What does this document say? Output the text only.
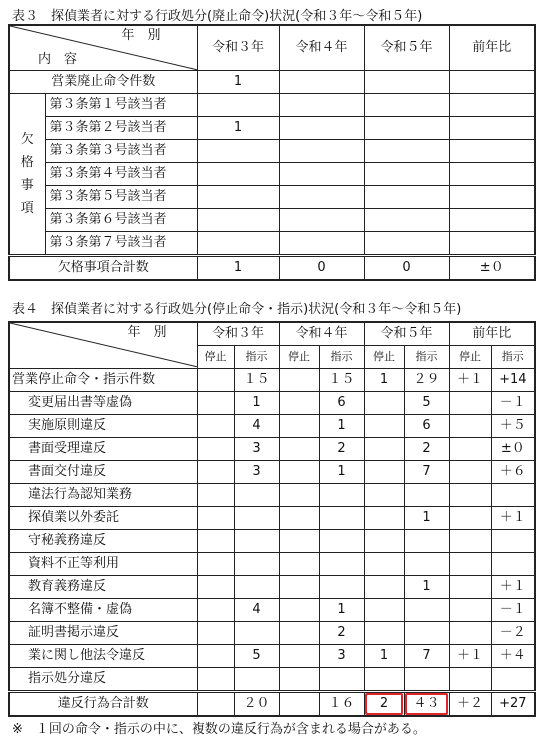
表３　探偵業者に対する行政処分(廃止命令)状況(令和３年～令和５年)
年　別
内　容		令和３年	令和４年	令和５年	前年比
営業廃止命令件数		1			

欠
格
事
項	第３条第１号該当者				
	第３条第２号該当者	1			
	第３条第３号該当者				
	第３条第４号該当者				
	第３条第５号該当者				
	第３条第６号該当者				
	第３条第７号該当者				
欠格事項合計数		1	0	0	±０
表４　探偵業者に対する行政処分(停止命令・指示)状況(令和３年～令和５年)
年　別	令和３年		令和４年		令和５年		前年比	
	停止	指示	停止	指示	停止	指示	停止	指示
営業停止命令・指示件数		１５		１５	1	２９	＋１	+14
変更届出書等虚偽		1		6		5		－１
実施原則違反		4		1		6		＋５
書面受理違反		3		2		2		±０
書面交付違反		3		1		7		＋６
違法行為認知業務								
探偵業以外委託						1		＋１
守秘義務違反								
資料不正等利用								
教育義務違反						1		＋１
名簿不整備・虚偽		4		1				－１
証明書掲示違反				2				－２
業に関し他法令違反		5		3	1	7	＋１	＋４
指示処分違反								
違反行為合計数		２０		１６	2	４３	＋２	+27
※　１回の命令・指示の中に、複数の違反行為が含まれる場合がある。
